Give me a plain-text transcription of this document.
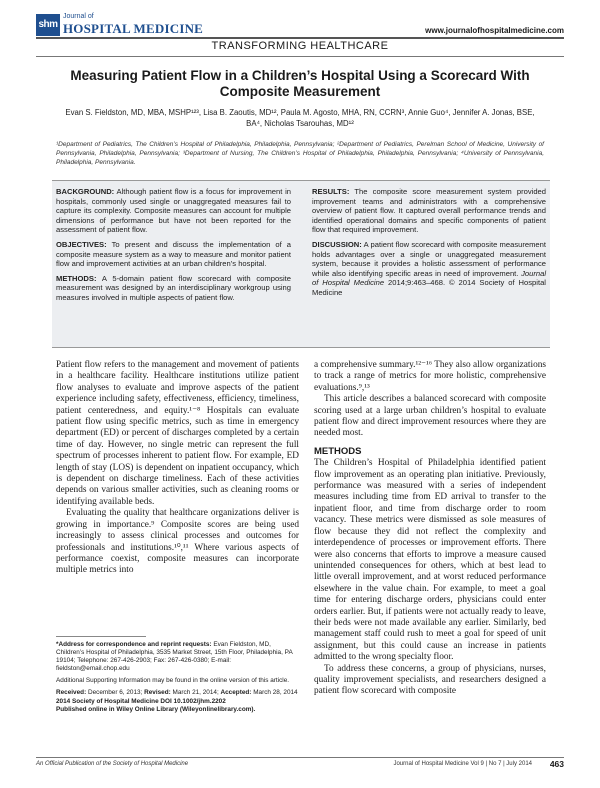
shm
Journal of
HOSPITAL MEDICINE	www.journalofhospitalmedicine.com
TRANSFORMING HEALTHCARE
Measuring Patient Flow in a Children’s Hospital Using a Scorecard With Composite Measurement
Evan S. Fieldston, MD, MBA, MSHP¹²³, Lisa B. Zaoutis, MD¹², Paula M. Agosto, MHA, RN, CCRN³, Annie Guo⁴, Jennifer A. Jonas, BSE, BA⁴, Nicholas Tsarouhas, MD¹²
¹Department of Pediatrics, The Children’s Hospital of Philadelphia, Philadelphia, Pennsylvania; ²Department of Pediatrics, Perelman School of Medicine, University of Pennsylvania, Philadelphia, Pennsylvania; ³Department of Nursing, The Children’s Hospital of Philadelphia, Philadelphia, Pennsylvania; ⁴University of Pennsylvania, Philadelphia, Pennsylvania.

BACKGROUND: Although patient flow is a focus for improvement in hospitals, commonly used single or unaggregated measures fail to capture its complexity. Composite measures can account for multiple dimensions of performance but have not been reported for the assessment of patient flow.

OBJECTIVES: To present and discuss the implementation of a composite measure system as a way to measure and monitor patient flow and improvement activities at an urban children’s hospital.

METHODS: A 5-domain patient flow scorecard with composite measurement was designed by an interdisciplinary workgroup using measures involved in multiple aspects of patient flow.

RESULTS: The composite score measurement system provided improvement teams and administrators with a comprehensive overview of patient flow. It captured overall performance trends and identified operational domains and specific components of patient flow that required improvement.

DISCUSSION: A patient flow scorecard with composite measurement holds advantages over a single or unaggregated measurement system, because it provides a holistic assessment of performance while also identifying specific areas in need of improvement. Journal of Hospital Medicine 2014;9:463–468. © 2014 Society of Hospital Medicine

Patient flow refers to the management and movement of patients in a healthcare facility. Healthcare institutions utilize patient flow analyses to evaluate and improve aspects of the patient experience including safety, effectiveness, efficiency, timeliness, patient centeredness, and equity.¹⁻⁸ Hospitals can evaluate patient flow using specific metrics, such as time in emergency department (ED) or percent of discharges completed by a certain time of day. However, no single metric can represent the full spectrum of processes inherent to patient flow. For example, ED length of stay (LOS) is dependent on inpatient occupancy, which is dependent on discharge timeliness. Each of these activities depends on various smaller activities, such as cleaning rooms or identifying available beds.

Evaluating the quality that healthcare organizations deliver is growing in importance.⁹ Composite scores are being used increasingly to assess clinical processes and outcomes for professionals and institutions.¹⁰,¹¹ Where various aspects of performance coexist, composite measures can incorporate multiple metrics into

a comprehensive summary.¹²⁻¹⁶ They also allow organizations to track a range of metrics for more holistic, comprehensive evaluations.⁹,¹³

This article describes a balanced scorecard with composite scoring used at a large urban children’s hospital to evaluate patient flow and direct improvement resources where they are needed most.

METHODS

The Children’s Hospital of Philadelphia identified patient flow improvement as an operating plan initiative. Previously, performance was measured with a series of independent measures including time from ED arrival to transfer to the inpatient floor, and time from discharge order to room vacancy. These metrics were dismissed as sole measures of flow because they did not reflect the complexity and interdependence of processes or improvement efforts. There were also concerns that efforts to improve a measure caused unintended consequences for others, which at best lead to little overall improvement, and at worst reduced performance elsewhere in the value chain. For example, to meet a goal time for entering discharge orders, physicians could enter orders earlier. But, if patients were not actually ready to leave, their beds were not made available any earlier. Similarly, bed management staff could rush to meet a goal for speed of unit assignment, but this could cause an increase in patients admitted to the wrong specialty floor.

To address these concerns, a group of physicians, nurses, quality improvement specialists, and researchers designed a patient flow scorecard with composite

*Address for correspondence and reprint requests: Evan Fieldston, MD, Children’s Hospital of Philadelphia, 3535 Market Street, 15th Floor, Philadelphia, PA 19104; Telephone: 267-426-2903; Fax: 267-426-0380; E-mail: fieldston@email.chop.edu

Additional Supporting Information may be found in the online version of this article.

Received: December 6, 2013; Revised: March 21, 2014; Accepted: March 28, 2014
2014 Society of Hospital Medicine DOI 10.1002/jhm.2202
Published online in Wiley Online Library (Wileyonlinelibrary.com).

An Official Publication of the Society of Hospital Medicine	Journal of Hospital Medicine Vol 9 | No 7 | July 2014 463
